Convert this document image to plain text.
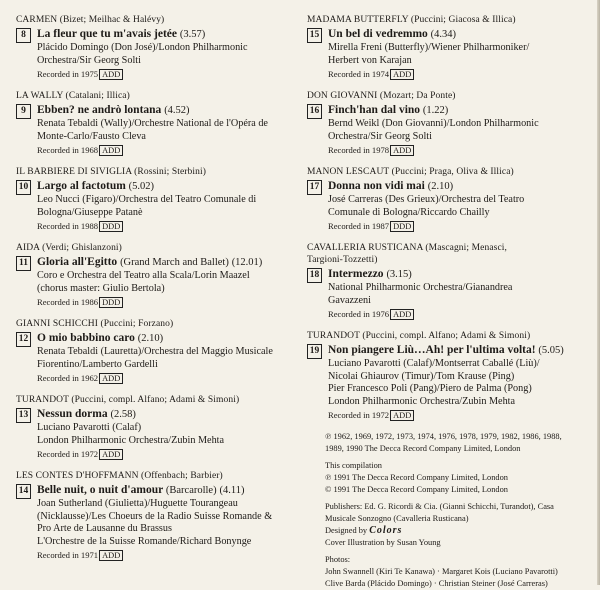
CARMEN (Bizet; Meilhac & Halévy)
8 La fleur que tu m'avais jetée (3.57)
Plácido Domingo (Don José)/London Philharmonic
Orchestra/Sir Georg Solti
Recorded in 1975 ADD
LA WALLY (Catalani; Illica)
9 Ebben? ne andrò lontana (4.52)
Renata Tebaldi (Wally)/Orchestre National de l'Opéra de
Monte-Carlo/Fausto Cleva
Recorded in 1968 ADD
IL BARBIERE DI SIVIGLIA (Rossini; Sterbini)
10 Largo al factotum (5.02)
Leo Nucci (Figaro)/Orchestra del Teatro Comunale di
Bologna/Giuseppe Patanè
Recorded in 1988 DDD
AIDA (Verdi; Ghislanzoni)
11 Gloria all'Egitto (Grand March and Ballet) (12.01)
Coro e Orchestra del Teatro alla Scala/Lorin Maazel
(chorus master: Giulio Bertola)
Recorded in 1986 DDD
GIANNI SCHICCHI (Puccini; Forzano)
12 O mio babbino caro (2.10)
Renata Tebaldi (Lauretta)/Orchestra del Maggio Musicale
Fiorentino/Lamberto Gardelli
Recorded in 1962 ADD
TURANDOT (Puccini, compl. Alfano; Adami & Simoni)
13 Nessun dorma (2.58)
Luciano Pavarotti (Calaf)
London Philharmonic Orchestra/Zubin Mehta
Recorded in 1972 ADD
LES CONTES D'HOFFMANN (Offenbach; Barbier)
14 Belle nuit, o nuit d'amour (Barcarolle) (4.11)
Joan Sutherland (Giulietta)/Huguette Tourangeau
(Nicklausse)/Les Choeurs de la Radio Suisse Romande &
Pro Arte de Lausanne du Brassus
L'Orchestre de la Suisse Romande/Richard Bonynge
Recorded in 1971 ADD
MADAMA BUTTERFLY (Puccini; Giacosa & Illica)
15 Un bel di vedremmo (4.34)
Mirella Freni (Butterfly)/Wiener Philharmoniker/
Herbert von Karajan
Recorded in 1974 ADD
DON GIOVANNI (Mozart; Da Ponte)
16 Finch'han dal vino (1.22)
Bernd Weikl (Don Giovanni)/London Philharmonic
Orchestra/Sir Georg Solti
Recorded in 1978 ADD
MANON LESCAUT (Puccini; Praga, Oliva & Illica)
17 Donna non vidi mai (2.10)
José Carreras (Des Grieux)/Orchestra del Teatro
Comunale di Bologna/Riccardo Chailly
Recorded in 1987 DDD
CAVALLERIA RUSTICANA (Mascagni; Menasci,
Targioni-Tozzetti)
18 Intermezzo (3.15)
National Philharmonic Orchestra/Gianandrea
Gavazzeni
Recorded in 1976 ADD
TURANDOT (Puccini, compl. Alfano; Adami & Simoni)
19 Non piangere Liù…Ah! per l'ultima volta! (5.05)
Luciano Pavarotti (Calaf)/Montserrat Caballé (Liù)/
Nicolai Ghiaurov (Timur)/Tom Krause (Ping)
Pier Francesco Poli (Pang)/Piero de Palma (Pong)
London Philharmonic Orchestra/Zubin Mehta
Recorded in 1972 ADD

℗ 1962, 1969, 1972, 1973, 1974, 1976, 1978, 1979, 1982, 1986, 1988,

1989, 1990 The Decca Record Company Limited, London

This compilation

℗ 1991 The Decca Record Company Limited, London

© 1991 The Decca Record Company Limited, London

Publishers: Ed. G. Ricordi & Cia. (Gianni Schicchi, Turandot), Casa

Musicale Sonzogno (Cavalleria Rusticana)

Designed by Colors

Cover Illustration by Susan Young

Photos:

John Swannell (Kiri Te Kanawa) · Margaret Kois (Luciano Pavarotti)

Clive Barda (Plácido Domingo) · Christian Steiner (José Carreras)
